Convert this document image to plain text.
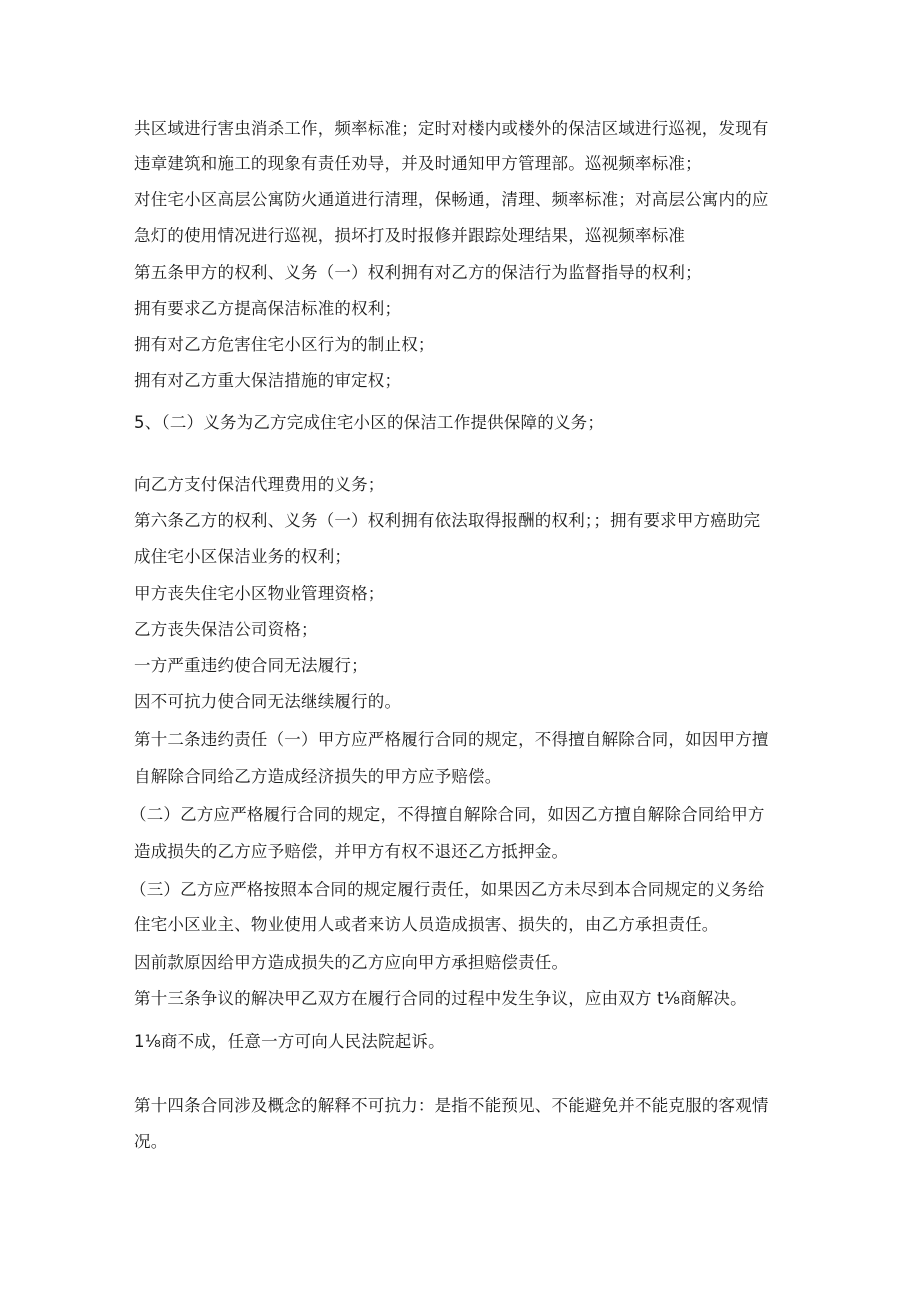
共区域进行害虫消杀工作，频率标准；定时对楼内或楼外的保洁区域进行巡视，发现有
违章建筑和施工的现象有责任劝导，并及时通知甲方管理部。巡视频率标准；
对住宅小区高层公寓防火通道进行清理，保畅通，清理、频率标准；对高层公寓内的应
急灯的使用情况进行巡视，损坏打及时报修并跟踪处理结果，巡视频率标准
第五条甲方的权利、义务（一）权利拥有对乙方的保洁行为监督指导的权利；
拥有要求乙方提高保洁标准的权利；
拥有对乙方危害住宅小区行为的制止权；
拥有对乙方重大保洁措施的审定权；
5、（二）义务为乙方完成住宅小区的保洁工作提供保障的义务；
向乙方支付保洁代理费用的义务；
第六条乙方的权利、义务（一）权利拥有依法取得报酬的权利；；拥有要求甲方癌助完
成住宅小区保洁业务的权利；
甲方丧失住宅小区物业管理资格；
乙方丧失保洁公司资格；
一方严重违约使合同无法履行；
因不可抗力使合同无法继续履行的。
第十二条违约责任（一）甲方应严格履行合同的规定，不得擅自解除合同，如因甲方擅
自解除合同给乙方造成经济损失的甲方应予赔偿。
（二）乙方应严格履行合同的规定，不得擅自解除合同，如因乙方擅自解除合同给甲方
造成损失的乙方应予赔偿，并甲方有权不退还乙方抵押金。
（三）乙方应严格按照本合同的规定履行责任，如果因乙方未尽到本合同规定的义务给
住宅小区业主、物业使用人或者来访人员造成损害、损失的，由乙方承担责任。
因前款原因给甲方造成损失的乙方应向甲方承担赔偿责任。
第十三条争议的解决甲乙双方在履行合同的过程中发生争议，应由双方 t⅛商解决。
1⅛商不成，任意一方可向人民法院起诉。
第十四条合同涉及概念的解释不可抗力：是指不能预见、不能避免并不能克服的客观情
况。
